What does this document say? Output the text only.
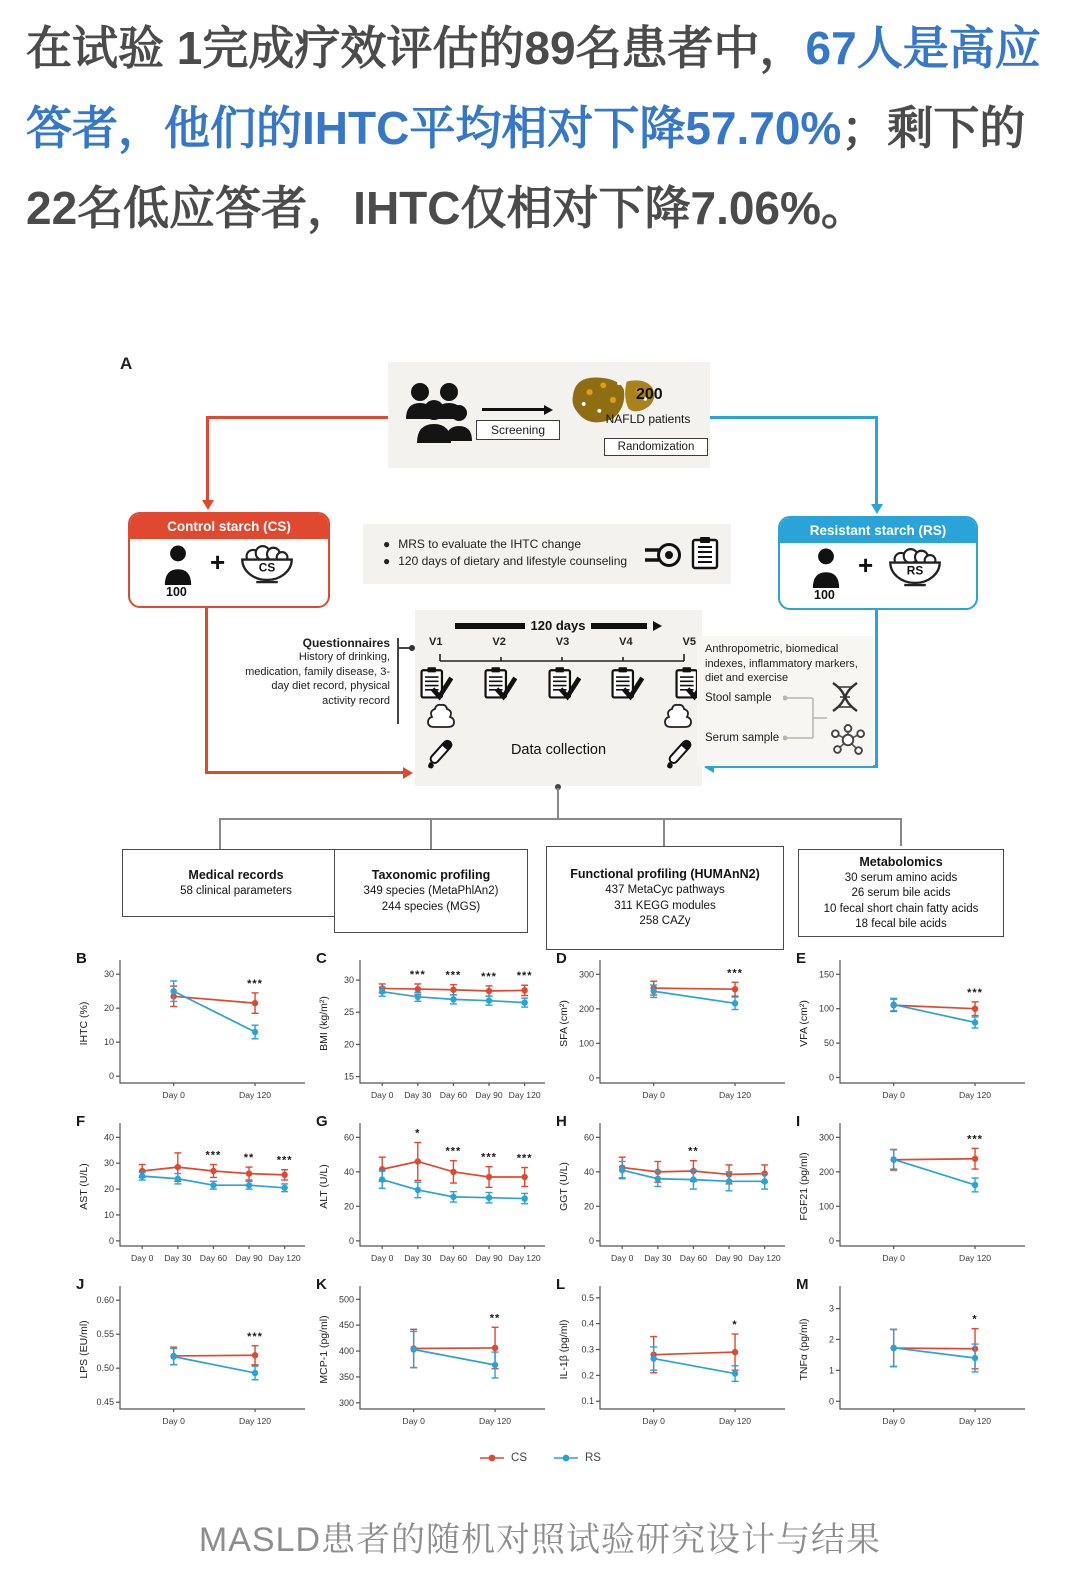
在试验 1完成疗效评估的89名患者中，67人是高应答者，他们的IHTC平均相对下降57.70%；剩下的22名低应答者，IHTC仅相对下降7.06%。

A
Screening
200
NAFLD patients
Randomization
Control starch (CS)
100
+	CS
Resistant starch (RS)
100
+	RS
● MRS to evaluate the IHTC change
● 120 days of dietary and lifestyle counseling
120 days
V1	V2	V3	V4	V5
Data collection
Questionnaires
History of drinking, medication, family disease, 3-day diet record, physical activity record
Anthropometric, biomedical indexes, inflammatory markers, diet and exercise
Stool sample
Serum sample
Medical records
58 clinical parameters
Taxonomic profiling
349 species (MetaPhlAn2)
244 species (MGS)
Functional profiling (HUMAnN2)
437 MetaCyc pathways
311 KEGG modules
258 CAZy
Metabolomics
30 serum amino acids
26 serum bile acids
10 fecal short chain fatty acids
18 fecal bile acids
B
0
10
20
30
Day 0	Day 120
IHTC (%)
***
C
15
20
25
30
Day 0 Day 30 Day 60 Day 90 Day 120
BMI (kg/m²)
*** *** *** ***
D
0
100
200
300
Day 0	Day 120
SFA (cm²)
***
E
0
50
100
150
Day 0	Day 120
VFA (cm²)
***
F
0
10
20
30
40
Day 0 Day 30 Day 60 Day 90 Day 120
AST (U/L)
*** ** ***
G
0
20
40
60
Day 0 Day 30 Day 60 Day 90 Day 120
ALT (U/L)
*
***
*** ***
H
0
20
40
60
Day 0 Day 30 Day 60 Day 90 Day 120
GGT (U/L)
**
I
0
100
200
300
Day 0	Day 120
FGF21 (pg/ml)
***
J
0.45
0.50
0.55
0.60
Day 0	Day 120
LPS (EU/ml)	***
K
300
350
400
450
500
Day 0	Day 120
MCP-1 (pg/ml)	**
L
0.1
0.2
0.3
0.4
0.5
Day 0	Day 120
IL-1β (pg/ml)	*
M
0
1
2
3
Day 0	Day 120
TNFα (pg/ml)	*
CS	RS
MASLD患者的随机对照试验研究设计与结果
